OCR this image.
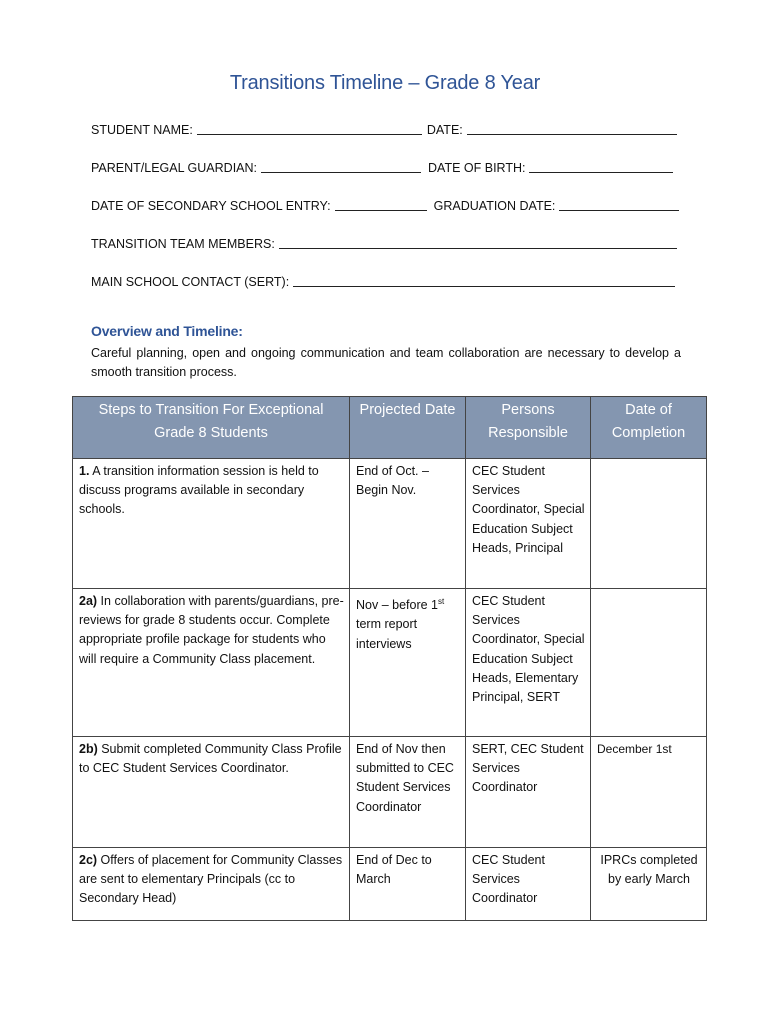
Transitions Timeline – Grade 8 Year
STUDENT NAME:	DATE:
PARENT/LEGAL GUARDIAN:	DATE OF BIRTH:
DATE OF SECONDARY SCHOOL ENTRY:	GRADUATION DATE:
TRANSITION TEAM MEMBERS:
MAIN SCHOOL CONTACT (SERT):
Overview and Timeline:
Careful planning, open and ongoing communication and team collaboration are necessary to develop a smooth transition process.
Steps to Transition For Exceptional Grade 8 Students	Projected Date	Persons Responsible	Date of Completion
1. A transition information session is held to discuss programs available in secondary schools.	End of Oct. – Begin Nov.	CEC Student Services Coordinator, Special Education Subject Heads, Principal	
2a) In collaboration with parents/guardians, pre-reviews for grade 8 students occur. Complete appropriate profile package for students who will require a Community Class placement.	Nov – before 1st term report interviews	CEC Student Services Coordinator, Special Education Subject Heads, Elementary Principal, SERT	
2b) Submit completed Community Class Profile to CEC Student Services Coordinator.	End of Nov then submitted to CEC Student Services Coordinator	SERT, CEC Student Services Coordinator	December 1st
2c) Offers of placement for Community Classes are sent to elementary Principals (cc to Secondary Head)	End of Dec to March	CEC Student Services Coordinator	IPRCs completed by early March
